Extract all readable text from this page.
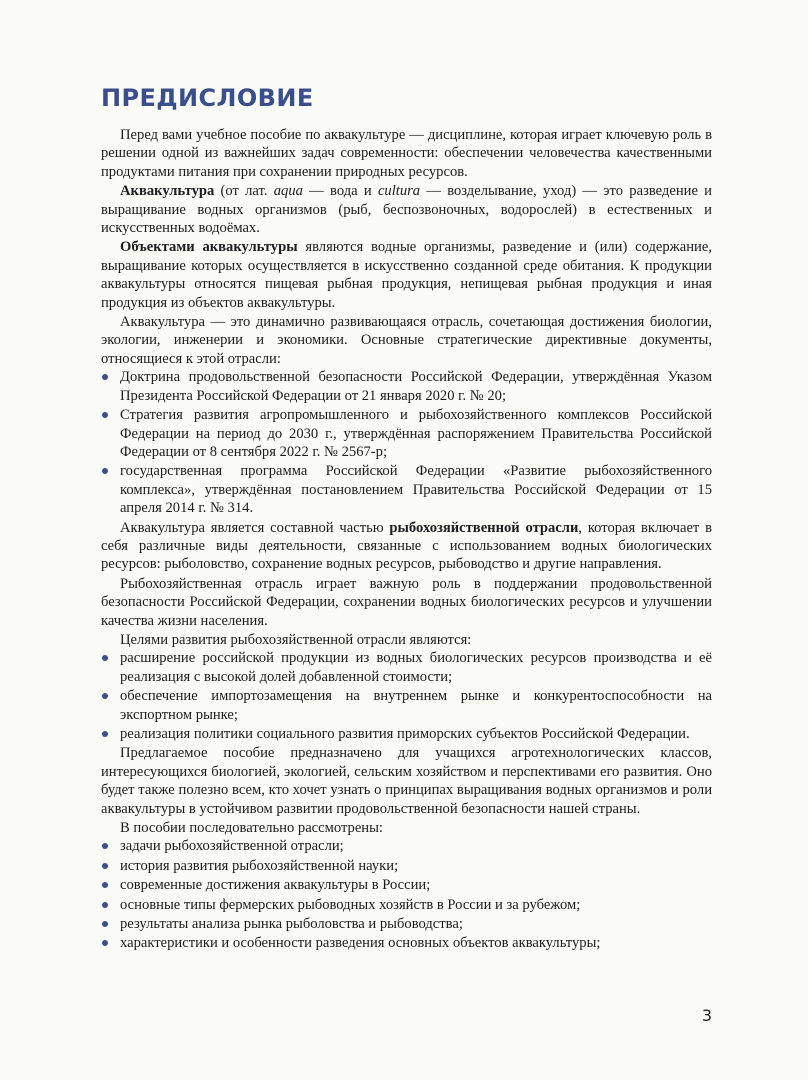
ПРЕДИСЛОВИЕ

Перед вами учебное пособие по аквакультуре — дисциплине, которая играет ключевую роль в решении одной из важнейших задач современности: обеспечении человечества качественными продуктами питания при сохранении природных ресурсов.

Аквакультура (от лат. aqua — вода и cultura — возделывание, уход) — это разведение и выращивание водных организмов (рыб, беспозвоночных, водорослей) в естественных и искусственных водоёмах.

Объектами аквакультуры являются водные организмы, разведение и (или) содержание, выращивание которых осуществляется в искусственно созданной среде обитания. К продукции аквакультуры относятся пищевая рыбная продукция, непищевая рыбная продукция и иная продукция из объектов аквакультуры.

Аквакультура — это динамично развивающаяся отрасль, сочетающая достижения биологии, экологии, инженерии и экономики. Основные стратегические директивные документы, относящиеся к этой отрасли:

Доктрина продовольственной безопасности Российской Федерации, утверждённая Указом Президента Российской Федерации от 21 января 2020 г. № 20;
Стратегия развития агропромышленного и рыбохозяйственного комплексов Российской Федерации на период до 2030 г., утверждённая распоряжением Правительства Российской Федерации от 8 сентября 2022 г. № 2567-р;
государственная программа Российской Федерации «Развитие рыбохозяйственного комплекса», утверждённая постановлением Правительства Российской Федерации от 15 апреля 2014 г. № 314.

Аквакультура является составной частью рыбохозяйственной отрасли, которая включает в себя различные виды деятельности, связанные с использованием водных биологических ресурсов: рыболовство, сохранение водных ресурсов, рыбоводство и другие направления.

Рыбохозяйственная отрасль играет важную роль в поддержании продовольственной безопасности Российской Федерации, сохранении водных биологических ресурсов и улучшении качества жизни населения.

Целями развития рыбохозяйственной отрасли являются:

расширение российской продукции из водных биологических ресурсов производства и её реализация с высокой долей добавленной стоимости;
обеспечение импортозамещения на внутреннем рынке и конкурентоспособности на экспортном рынке;
реализация политики социального развития приморских субъектов Российской Федерации.

Предлагаемое пособие предназначено для учащихся агротехнологических классов, интересующихся биологией, экологией, сельским хозяйством и перспективами его развития. Оно будет также полезно всем, кто хочет узнать о принципах выращивания водных организмов и роли аквакультуры в устойчивом развитии продовольственной безопасности нашей страны.

В пособии последовательно рассмотрены:

задачи рыбохозяйственной отрасли;
история развития рыбохозяйственной науки;
современные достижения аквакультуры в России;
основные типы фермерских рыбоводных хозяйств в России и за рубежом;
результаты анализа рынка рыболовства и рыбоводства;
характеристики и особенности разведения основных объектов аквакультуры;
3
